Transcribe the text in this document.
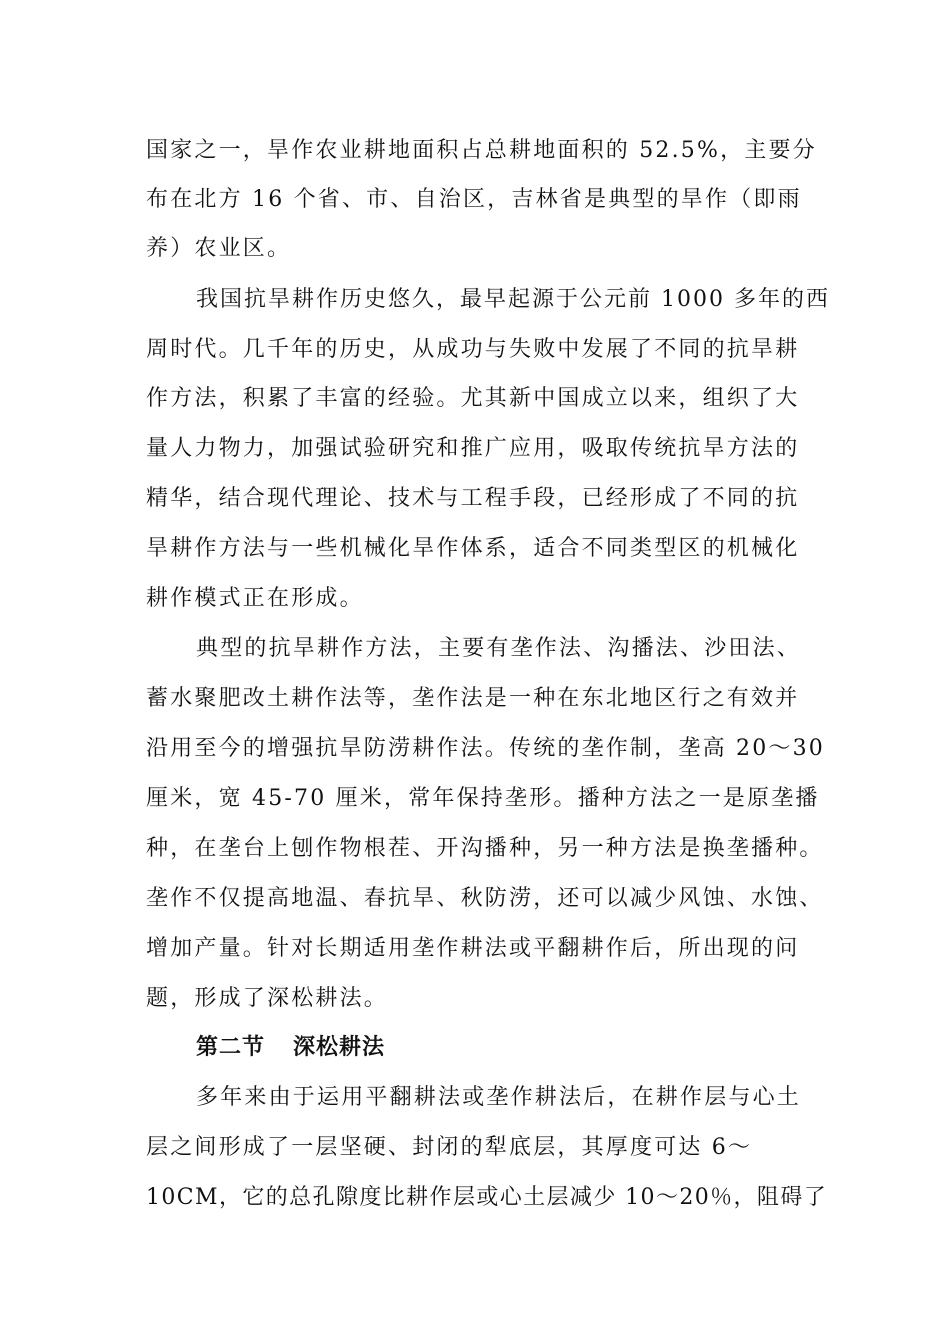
国家之一，旱作农业耕地面积占总耕地面积的 52.5%，主要分

布在北方 16 个省、市、自治区，吉林省是典型的旱作（即雨

养）农业区。

我国抗旱耕作历史悠久，最早起源于公元前 1000 多年的西

周时代。几千年的历史，从成功与失败中发展了不同的抗旱耕

作方法，积累了丰富的经验。尤其新中国成立以来，组织了大

量人力物力，加强试验研究和推广应用，吸取传统抗旱方法的

精华，结合现代理论、技术与工程手段，已经形成了不同的抗

旱耕作方法与一些机械化旱作体系，适合不同类型区的机械化

耕作模式正在形成。

典型的抗旱耕作方法，主要有垄作法、沟播法、沙田法、

蓄水聚肥改土耕作法等，垄作法是一种在东北地区行之有效并

沿用至今的增强抗旱防涝耕作法。传统的垄作制，垄高 20～30

厘米，宽 45-70 厘米，常年保持垄形。播种方法之一是原垄播

种，在垄台上刨作物根茬、开沟播种，另一种方法是换垄播种。

垄作不仅提高地温、春抗旱、秋防涝，还可以减少风蚀、水蚀、

增加产量。针对长期适用垄作耕法或平翻耕作后，所出现的问

题，形成了深松耕法。

第二节 深松耕法

多年来由于运用平翻耕法或垄作耕法后，在耕作层与心土

层之间形成了一层坚硬、封闭的犁底层，其厚度可达 6～

10CM，它的总孔隙度比耕作层或心土层减少 10～20％，阻碍了
